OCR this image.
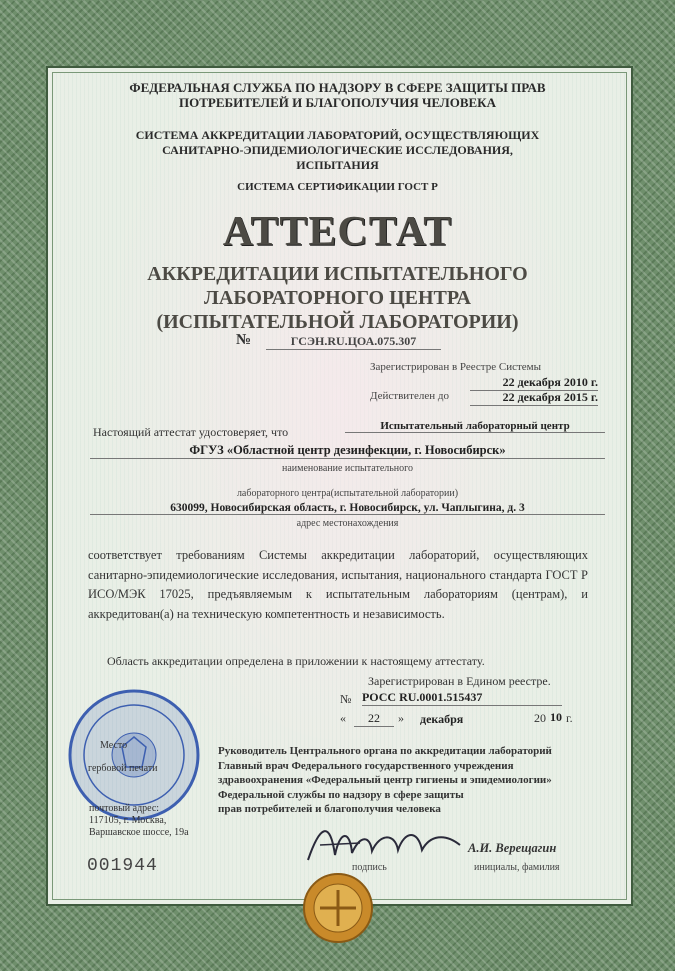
ФЕДЕРАЛЬНАЯ СЛУЖБА ПО НАДЗОРУ В СФЕРЕ ЗАЩИТЫ ПРАВ ПОТРЕБИТЕЛЕЙ И БЛАГОПОЛУЧИЯ ЧЕЛОВЕКА
СИСТЕМА АККРЕДИТАЦИИ ЛАБОРАТОРИЙ, ОСУЩЕСТВЛЯЮЩИХ САНИТАРНО-ЭПИДЕМИОЛОГИЧЕСКИЕ ИССЛЕДОВАНИЯ, ИСПЫТАНИЯ
СИСТЕМА СЕРТИФИКАЦИИ ГОСТ Р
АТТЕСТАТ
АККРЕДИТАЦИИ ИСПЫТАТЕЛЬНОГО ЛАБОРАТОРНОГО ЦЕНТРА (ИСПЫТАТЕЛЬНОЙ ЛАБОРАТОРИИ)
№	ГСЭН.RU.ЦОА.075.307
Зарегистрирован в Реестре Системы
22 декабря 2010 г.
Действителен до	22 декабря 2015 г.
Настоящий аттестат удостоверяет, что	Испытательный лабораторный центр
ФГУЗ «Областной центр дезинфекции, г. Новосибирск»
наименование испытательного
лабораторного центра(испытательной лаборатории)
630099, Новосибирская область, г. Новосибирск, ул. Чаплыгина, д. 3
адрес местонахождения
соответствует требованиям Системы аккредитации лабораторий, осуществляющих санитарно-эпидемиологические исследования, испытания, национального стандарта ГОСТ Р ИСО/МЭК 17025, предъявляемым к испытательным лабораториям (центрам), и аккредитован(а) на техническую компетентность и независимость.
Область аккредитации определена в приложении к настоящему аттестату.
Зарегистрирован в Едином реестре.
№ РОСС RU.0001.515437
«	22	» декабря	20 10 г.
Место
гербовой печати
почтовый адрес:
117105, г. Москва,
Варшавское шоссе, 19а
Руководитель Центрального органа по аккредитации лабораторий
Главный врач Федерального государственного учреждения
здравоохранения «Федеральный центр гигиены и эпидемиологии»
Федеральной службы по надзору в сфере защиты
прав потребителей и благополучия человека
А.И. Верещагин
подпись	инициалы, фамилия
001944
